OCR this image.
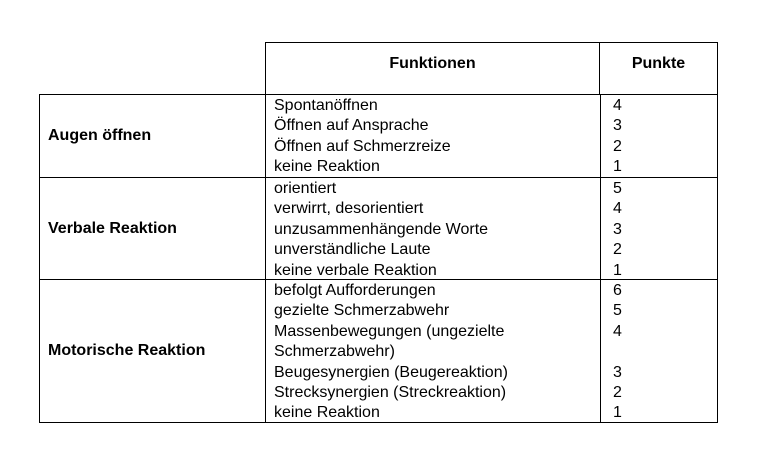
Funktionen	Punkte
Augen öffnen
Spontanöffnen
Öffnen auf Ansprache
Öffnen auf Schmerzreize
keine Reaktion
4
3
2
1
Verbale Reaktion
orientiert
verwirrt, desorientiert
unzusammenhängende Worte
unverständliche Laute
keine verbale Reaktion
5
4
3
2
1
Motorische Reaktion
befolgt Aufforderungen
gezielte Schmerzabwehr
Massenbewegungen (ungezielte
Schmerzabwehr)
Beugesynergien (Beugereaktion)
Strecksynergien (Streckreaktion)
keine Reaktion
6
5
4
3
2
1
